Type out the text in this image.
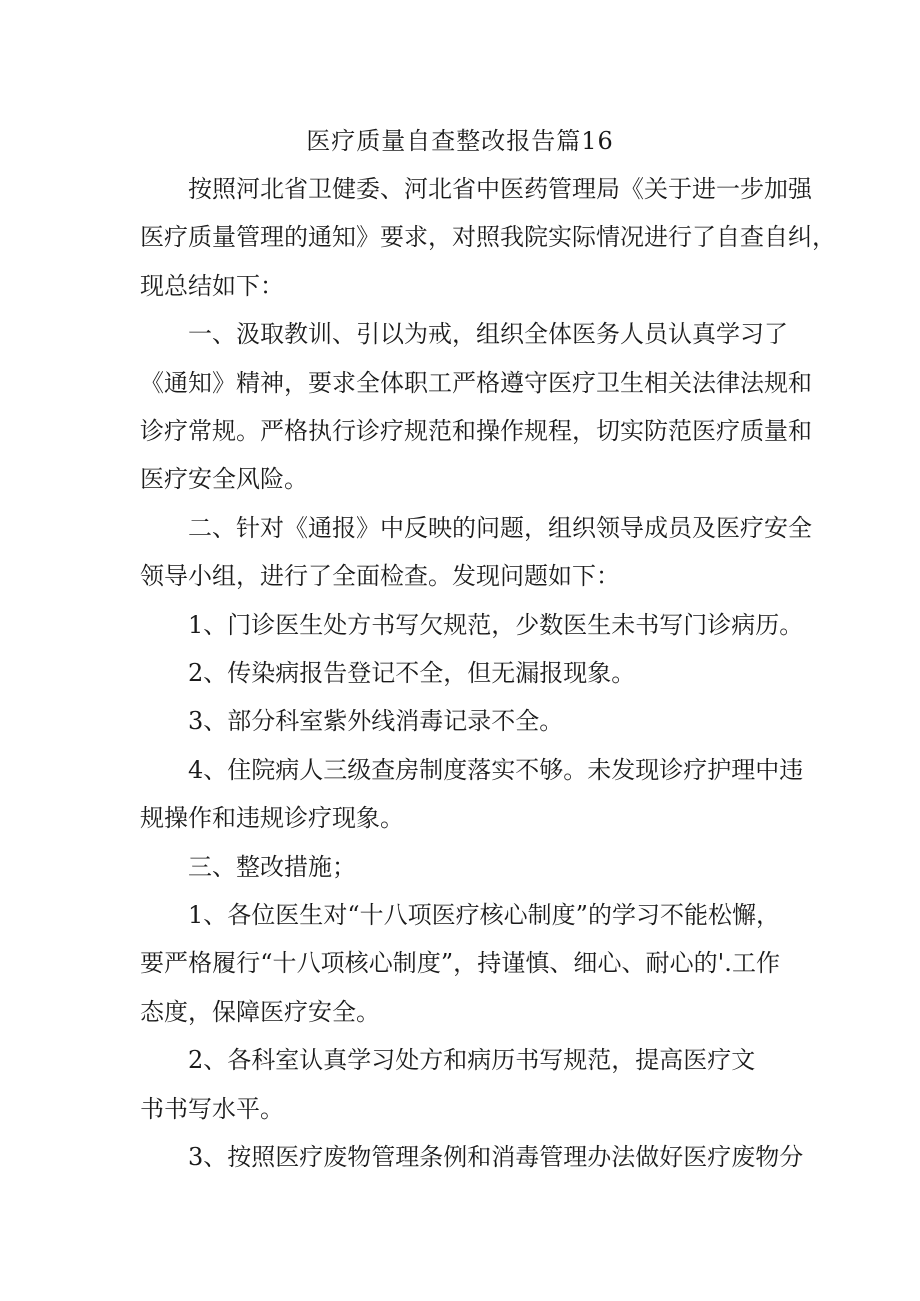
医疗质量自查整改报告篇16
按照河北省卫健委、河北省中医药管理局《关于进一步加强
医疗质量管理的通知》要求，对照我院实际情况进行了自查自纠，
现总结如下：
一、汲取教训、引以为戒，组织全体医务人员认真学习了
《通知》精神，要求全体职工严格遵守医疗卫生相关法律法规和
诊疗常规。严格执行诊疗规范和操作规程，切实防范医疗质量和
医疗安全风险。
二、针对《通报》中反映的问题，组织领导成员及医疗安全
领导小组，进行了全面检查。发现问题如下：
1、门诊医生处方书写欠规范，少数医生未书写门诊病历。
2、传染病报告登记不全，但无漏报现象。
3、部分科室紫外线消毒记录不全。
4、住院病人三级查房制度落实不够。未发现诊疗护理中违
规操作和违规诊疗现象。
三、整改措施；
1、各位医生对“十八项医疗核心制度”的学习不能松懈，
要严格履行“十八项核心制度”，持谨慎、细心、耐心的'.工作
态度，保障医疗安全。
2、各科室认真学习处方和病历书写规范，提高医疗文
书书写水平。
3、按照医疗废物管理条例和消毒管理办法做好医疗废物分
